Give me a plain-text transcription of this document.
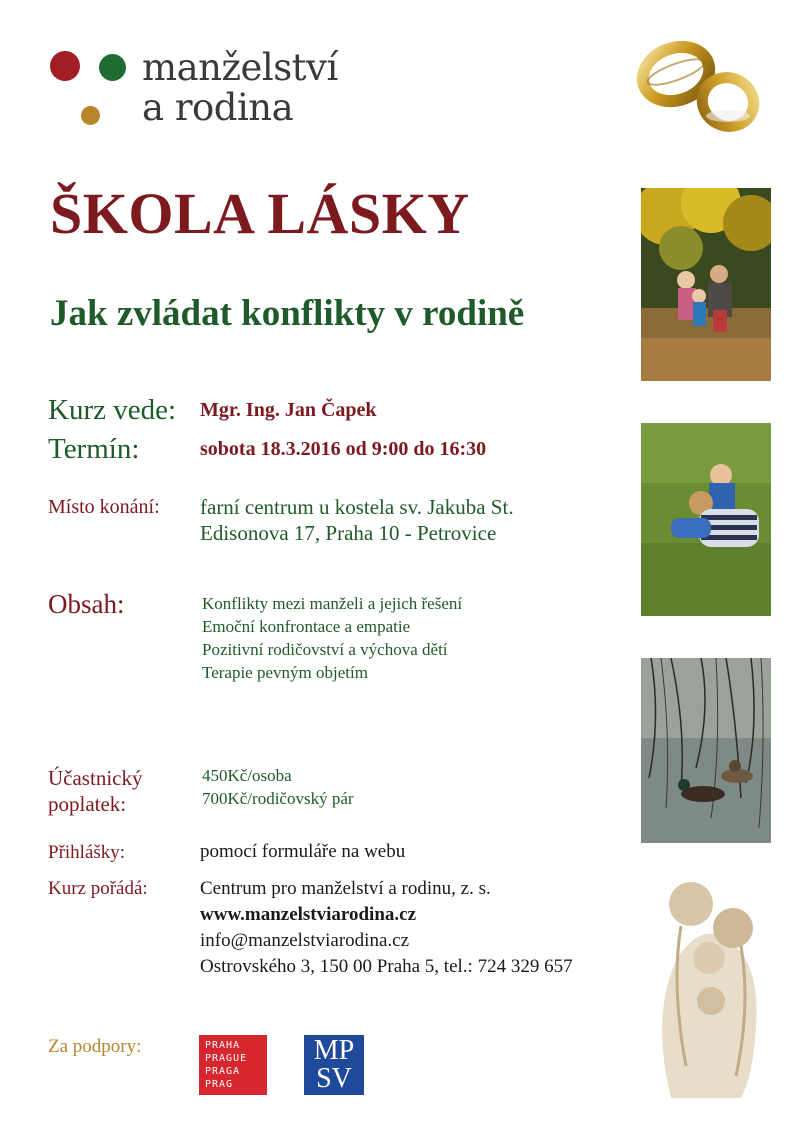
manželství
a rodina
ŠKOLA LÁSKY
Jak zvládat konflikty v rodině
Kurz vede: Mgr. Ing. Jan Čapek
Termín:	sobota 18.3.2016 od 9:00 do 16:30
Místo konání: farní centrum u kostela sv. Jakuba St.
Edisonova 17, Praha 10 - Petrovice
Obsah:	Konflikty mezi manželi a jejich řešení
Emoční konfrontace a empatie
Pozitivní rodičovství a výchova dětí
Terapie pevným objetím
Účastnický
poplatek:
450Kč/osoba
700Kč/rodičovský pár
Přihlášky:	pomocí formuláře na webu
Kurz pořádá:	Centrum pro manželství a rodinu, z. s.
www.manzelstviarodina.cz
info@manzelstviarodina.cz
Ostrovského 3, 150 00 Praha 5, tel.: 724 329 657
Za podpory:	PRAHA
PRAGUE
PRAGA
PRAG
MP
SV
